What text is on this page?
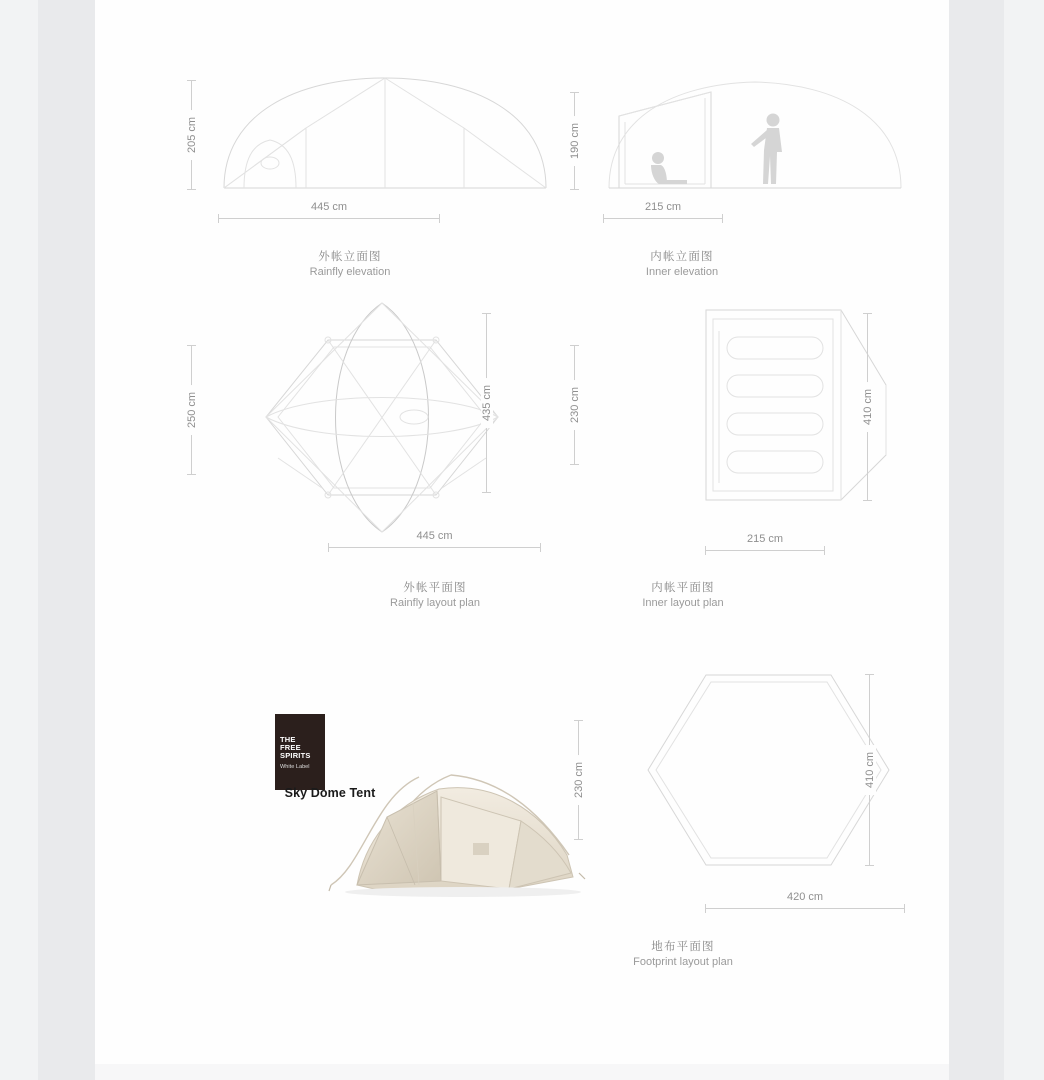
205 cm
445 cm
外帐立面图
Rainfly elevation
190 cm
215 cm
内帐立面图
Inner elevation
250 cm	435 cm
445 cm
外帐平面图
Rainfly layout plan
230 cm	410 cm
215 cm
内帐平面图
Inner layout plan
THE
FREE
SPIRITS
White Label
Sky Dome Tent	230 cm	410 cm
420 cm
地布平面图
Footprint layout plan
